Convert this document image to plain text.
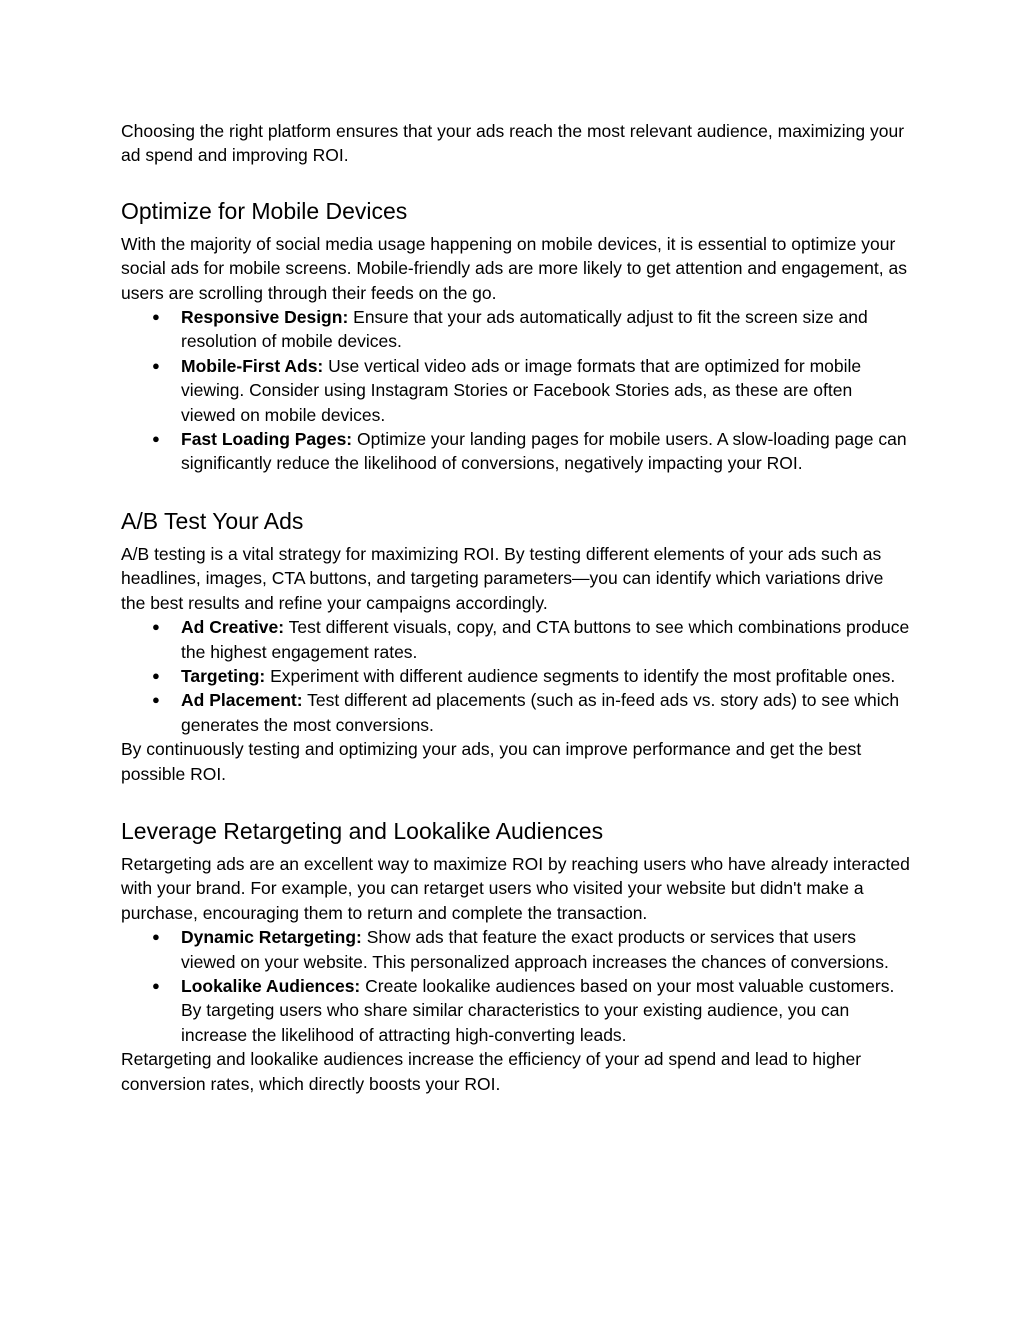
Choosing the right platform ensures that your ads reach the most relevant audience, maximizing your ad spend and improving ROI.

Optimize for Mobile Devices

With the majority of social media usage happening on mobile devices, it is essential to optimize your social ads for mobile screens. Mobile-friendly ads are more likely to get attention and engagement, as users are scrolling through their feeds on the go.

● Responsive Design: Ensure that your ads automatically adjust to fit the screen size and resolution of mobile devices.
● Mobile-First Ads: Use vertical video ads or image formats that are optimized for mobile viewing. Consider using Instagram Stories or Facebook Stories ads, as these are often viewed on mobile devices.
● Fast Loading Pages: Optimize your landing pages for mobile users. A slow-loading page can significantly reduce the likelihood of conversions, negatively impacting your ROI.
A/B Test Your Ads

A/B testing is a vital strategy for maximizing ROI. By testing different elements of your ads such as headlines, images, CTA buttons, and targeting parameters—you can identify which variations drive the best results and refine your campaigns accordingly.

● Ad Creative: Test different visuals, copy, and CTA buttons to see which combinations produce the highest engagement rates.
● Targeting: Experiment with different audience segments to identify the most profitable ones.
● Ad Placement: Test different ad placements (such as in-feed ads vs. story ads) to see which generates the most conversions.

By continuously testing and optimizing your ads, you can improve performance and get the best possible ROI.

Leverage Retargeting and Lookalike Audiences

Retargeting ads are an excellent way to maximize ROI by reaching users who have already interacted with your brand. For example, you can retarget users who visited your website but didn't make a purchase, encouraging them to return and complete the transaction.

● Dynamic Retargeting: Show ads that feature the exact products or services that users viewed on your website. This personalized approach increases the chances of conversions.
● Lookalike Audiences: Create lookalike audiences based on your most valuable customers. By targeting users who share similar characteristics to your existing audience, you can increase the likelihood of attracting high-converting leads.

Retargeting and lookalike audiences increase the efficiency of your ad spend and lead to higher conversion rates, which directly boosts your ROI.
